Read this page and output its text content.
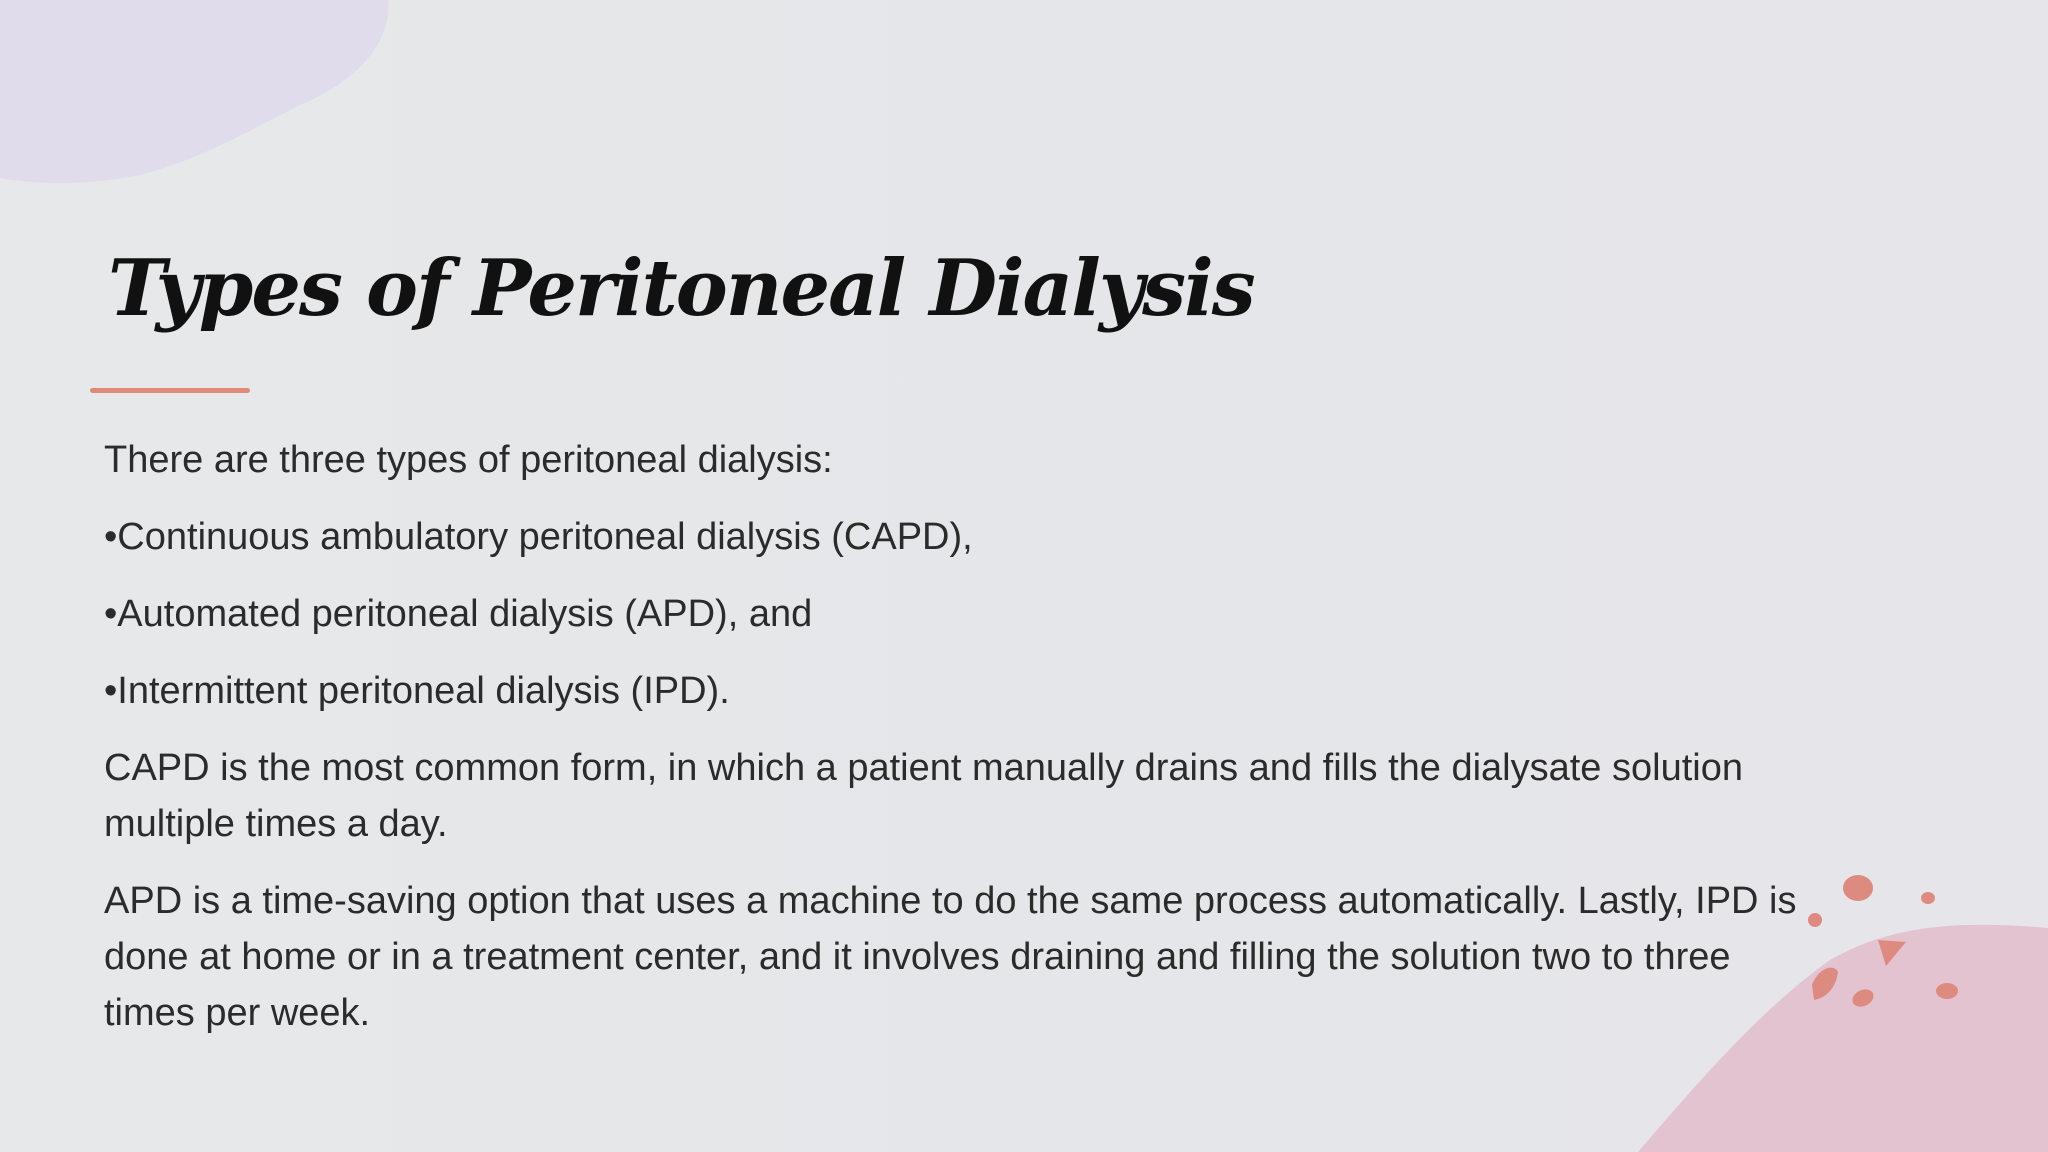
Types of Peritoneal Dialysis

There are three types of peritoneal dialysis:

•Continuous ambulatory peritoneal dialysis (CAPD),

•Automated peritoneal dialysis (APD), and

•Intermittent peritoneal dialysis (IPD).

CAPD is the most common form, in which a patient manually drains and fills the dialysate solution multiple times a day.

APD is a time-saving option that uses a machine to do the same process automatically. Lastly, IPD is done at home or in a treatment center, and it involves draining and filling the solution two to three times per week.
